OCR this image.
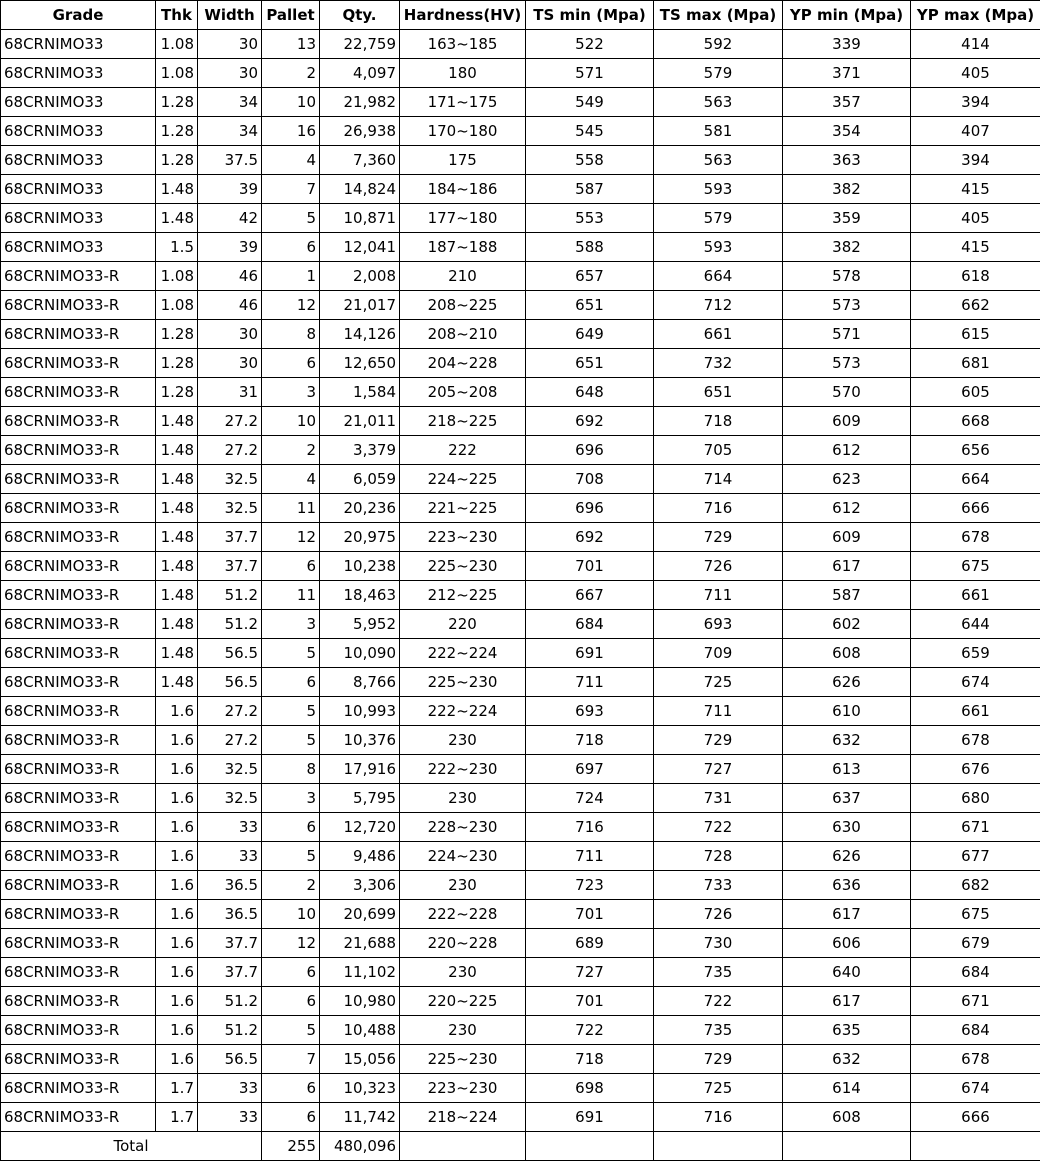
Grade	Thk	Width	Pallet	Qty.	Hardness(HV)	TS min (Mpa)	TS max (Mpa)	YP min (Mpa)	YP max (Mpa)
68CRNIMO33	1.08	30	13	22,759	163~185	522	592	339	414
68CRNIMO33	1.08	30	2	4,097	180	571	579	371	405
68CRNIMO33	1.28	34	10	21,982	171~175	549	563	357	394
68CRNIMO33	1.28	34	16	26,938	170~180	545	581	354	407
68CRNIMO33	1.28	37.5	4	7,360	175	558	563	363	394
68CRNIMO33	1.48	39	7	14,824	184~186	587	593	382	415
68CRNIMO33	1.48	42	5	10,871	177~180	553	579	359	405
68CRNIMO33	1.5	39	6	12,041	187~188	588	593	382	415
68CRNIMO33-R	1.08	46	1	2,008	210	657	664	578	618
68CRNIMO33-R	1.08	46	12	21,017	208~225	651	712	573	662
68CRNIMO33-R	1.28	30	8	14,126	208~210	649	661	571	615
68CRNIMO33-R	1.28	30	6	12,650	204~228	651	732	573	681
68CRNIMO33-R	1.28	31	3	1,584	205~208	648	651	570	605
68CRNIMO33-R	1.48	27.2	10	21,011	218~225	692	718	609	668
68CRNIMO33-R	1.48	27.2	2	3,379	222	696	705	612	656
68CRNIMO33-R	1.48	32.5	4	6,059	224~225	708	714	623	664
68CRNIMO33-R	1.48	32.5	11	20,236	221~225	696	716	612	666
68CRNIMO33-R	1.48	37.7	12	20,975	223~230	692	729	609	678
68CRNIMO33-R	1.48	37.7	6	10,238	225~230	701	726	617	675
68CRNIMO33-R	1.48	51.2	11	18,463	212~225	667	711	587	661
68CRNIMO33-R	1.48	51.2	3	5,952	220	684	693	602	644
68CRNIMO33-R	1.48	56.5	5	10,090	222~224	691	709	608	659
68CRNIMO33-R	1.48	56.5	6	8,766	225~230	711	725	626	674
68CRNIMO33-R	1.6	27.2	5	10,993	222~224	693	711	610	661
68CRNIMO33-R	1.6	27.2	5	10,376	230	718	729	632	678
68CRNIMO33-R	1.6	32.5	8	17,916	222~230	697	727	613	676
68CRNIMO33-R	1.6	32.5	3	5,795	230	724	731	637	680
68CRNIMO33-R	1.6	33	6	12,720	228~230	716	722	630	671
68CRNIMO33-R	1.6	33	5	9,486	224~230	711	728	626	677
68CRNIMO33-R	1.6	36.5	2	3,306	230	723	733	636	682
68CRNIMO33-R	1.6	36.5	10	20,699	222~228	701	726	617	675
68CRNIMO33-R	1.6	37.7	12	21,688	220~228	689	730	606	679
68CRNIMO33-R	1.6	37.7	6	11,102	230	727	735	640	684
68CRNIMO33-R	1.6	51.2	6	10,980	220~225	701	722	617	671
68CRNIMO33-R	1.6	51.2	5	10,488	230	722	735	635	684
68CRNIMO33-R	1.6	56.5	7	15,056	225~230	718	729	632	678
68CRNIMO33-R	1.7	33	6	10,323	223~230	698	725	614	674
68CRNIMO33-R	1.7	33	6	11,742	218~224	691	716	608	666
Total			255	480,096					
